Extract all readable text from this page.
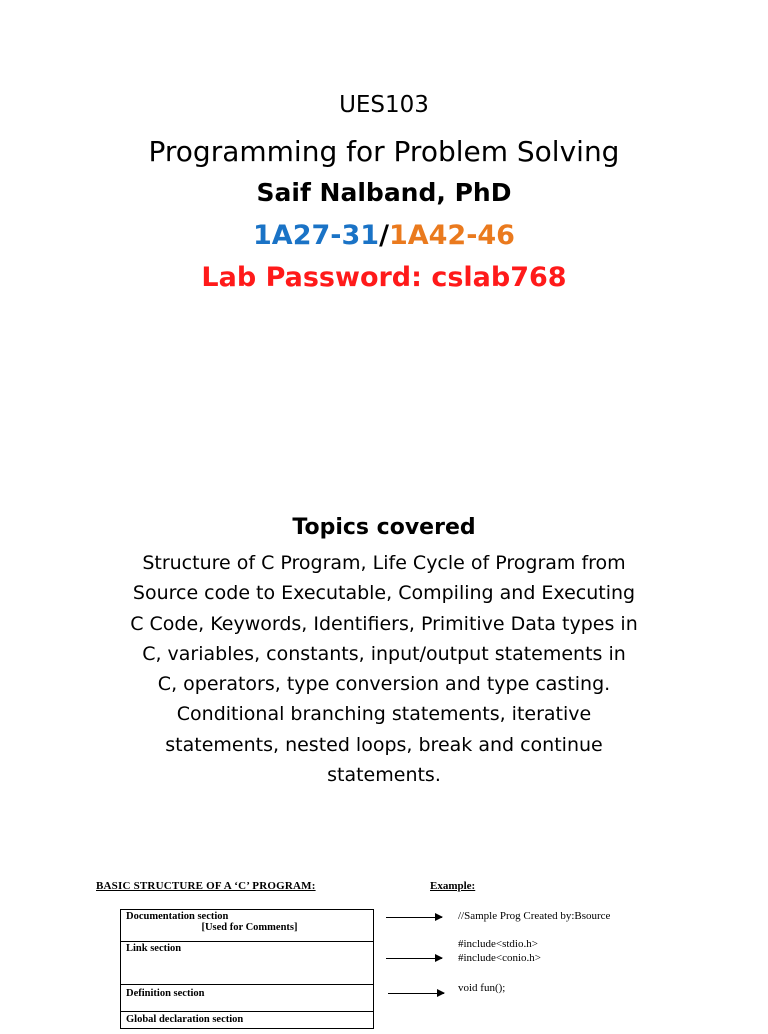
UES103
Programming for Problem Solving
Saif Nalband, PhD
1A27-31/1A42-46
Lab Password: cslab768
Topics covered
Structure of C Program, Life Cycle of Program from Source code to Executable, Compiling and Executing C Code, Keywords, Identifiers, Primitive Data types in C, variables, constants, input/output statements in C, operators, type conversion and type casting. Conditional branching statements, iterative statements, nested loops, break and continue statements.
BASIC STRUCTURE OF A ‘C’ PROGRAM:	Example:
Documentation section
[Used for Comments]
Link section
Definition section
Global declaration section
//Sample Prog Created by:Bsource
#include<stdio.h>
#include<conio.h>
void fun();
